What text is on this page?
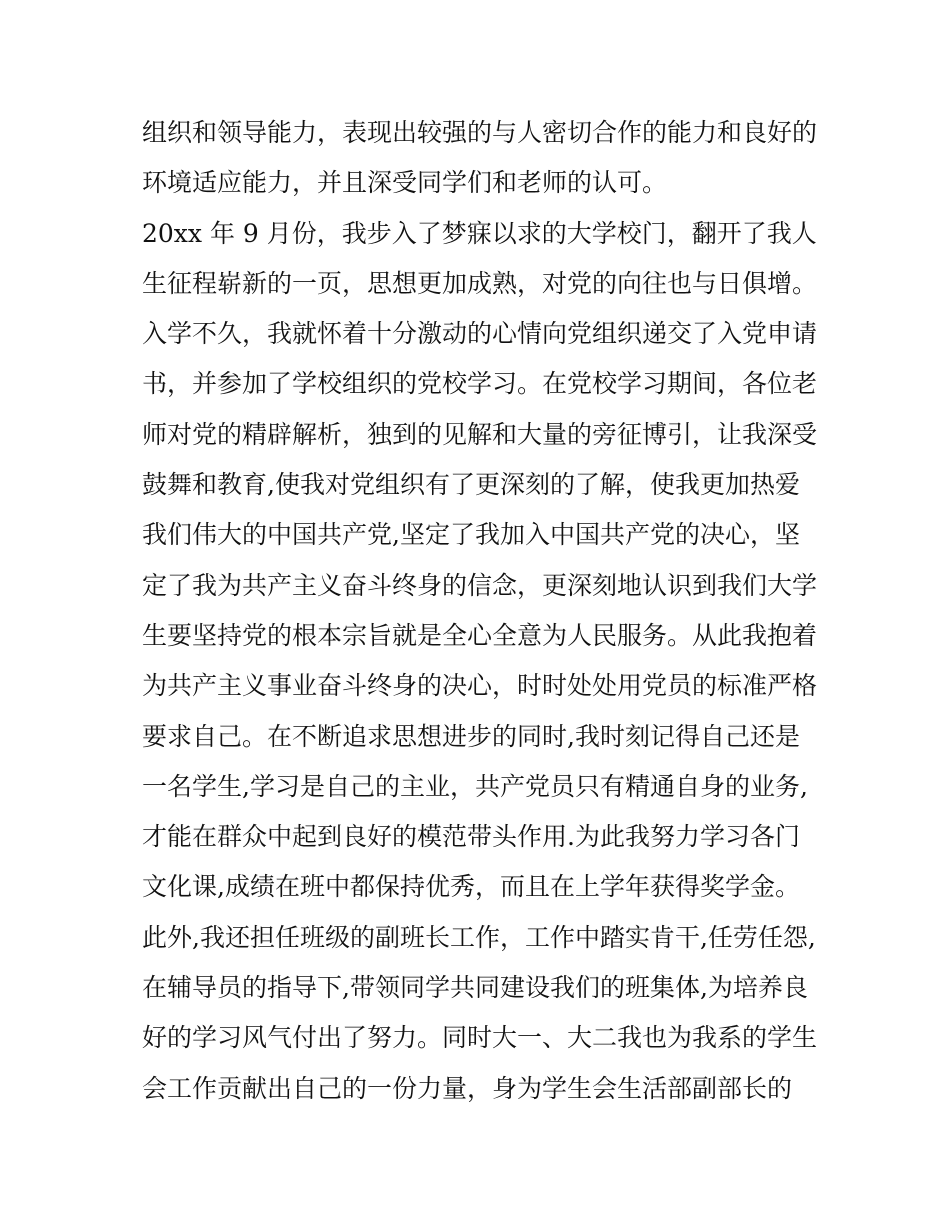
组织和领导能力，表现出较强的与人密切合作的能力和良好的
环境适应能力，并且深受同学们和老师的认可。
20xx 年 9 月份，我步入了梦寐以求的大学校门，翻开了我人
生征程崭新的一页，思想更加成熟，对党的向往也与日俱增。
入学不久，我就怀着十分激动的心情向党组织递交了入党申请
书，并参加了学校组织的党校学习。在党校学习期间，各位老
师对党的精辟解析，独到的见解和大量的旁征博引，让我深受
鼓舞和教育,使我对党组织有了更深刻的了解，使我更加热爱
我们伟大的中国共产党,坚定了我加入中国共产党的决心，坚
定了我为共产主义奋斗终身的信念，更深刻地认识到我们大学
生要坚持党的根本宗旨就是全心全意为人民服务。从此我抱着
为共产主义事业奋斗终身的决心，时时处处用党员的标准严格
要求自己。在不断追求思想进步的同时,我时刻记得自己还是
一名学生,学习是自己的主业，共产党员只有精通自身的业务,
才能在群众中起到良好的模范带头作用.为此我努力学习各门
文化课,成绩在班中都保持优秀，而且在上学年获得奖学金。
此外,我还担任班级的副班长工作，工作中踏实肯干,任劳任怨,
在辅导员的指导下,带领同学共同建设我们的班集体,为培养良
好的学习风气付出了努力。同时大一、大二我也为我系的学生
会工作贡献出自己的一份力量，身为学生会生活部副部长的
